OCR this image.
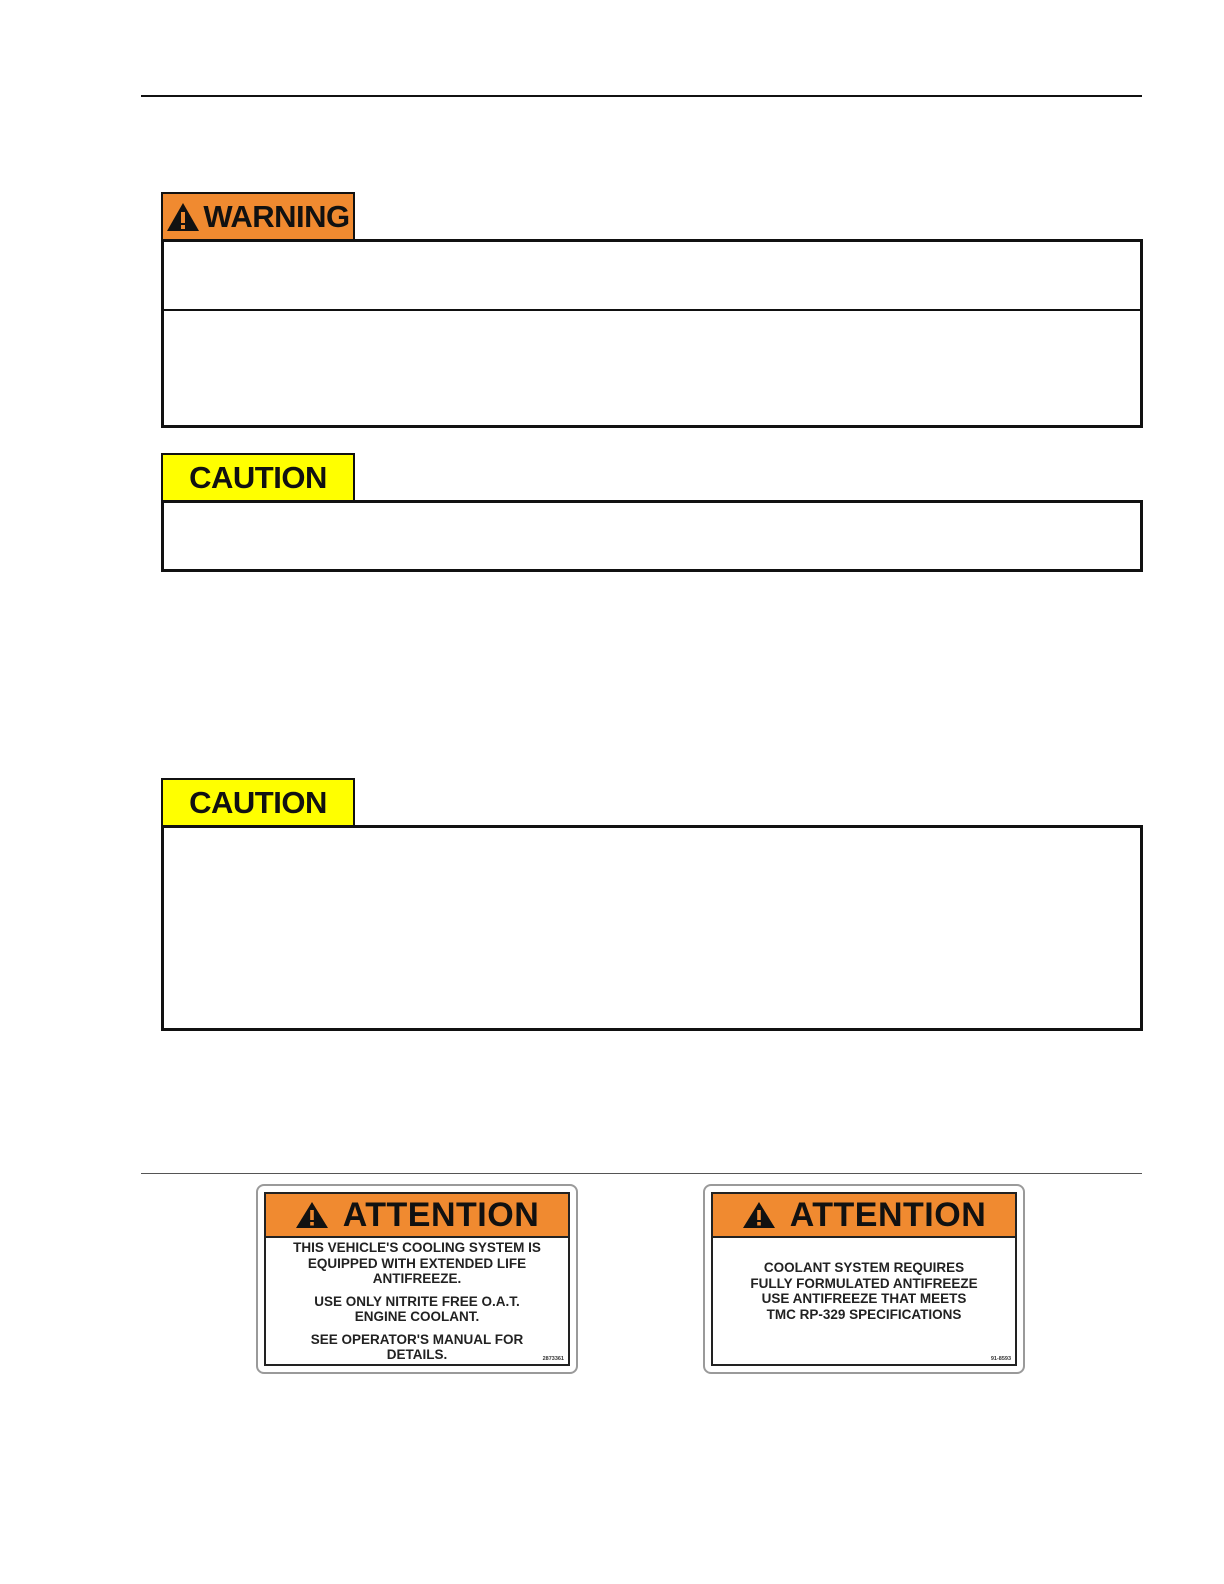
WARNING
CAUTION
CAUTION
ATTENTION

THIS VEHICLE'S COOLING SYSTEM IS

EQUIPPED WITH EXTENDED LIFE

ANTIFREEZE.

USE ONLY NITRITE FREE O.A.T.

ENGINE COOLANT.

SEE OPERATOR'S MANUAL FOR

DETAILS.	2873361
ATTENTION

COOLANT SYSTEM REQUIRES

FULLY FORMULATED ANTIFREEZE

USE ANTIFREEZE THAT MEETS

TMC RP-329 SPECIFICATIONS

91-8593
